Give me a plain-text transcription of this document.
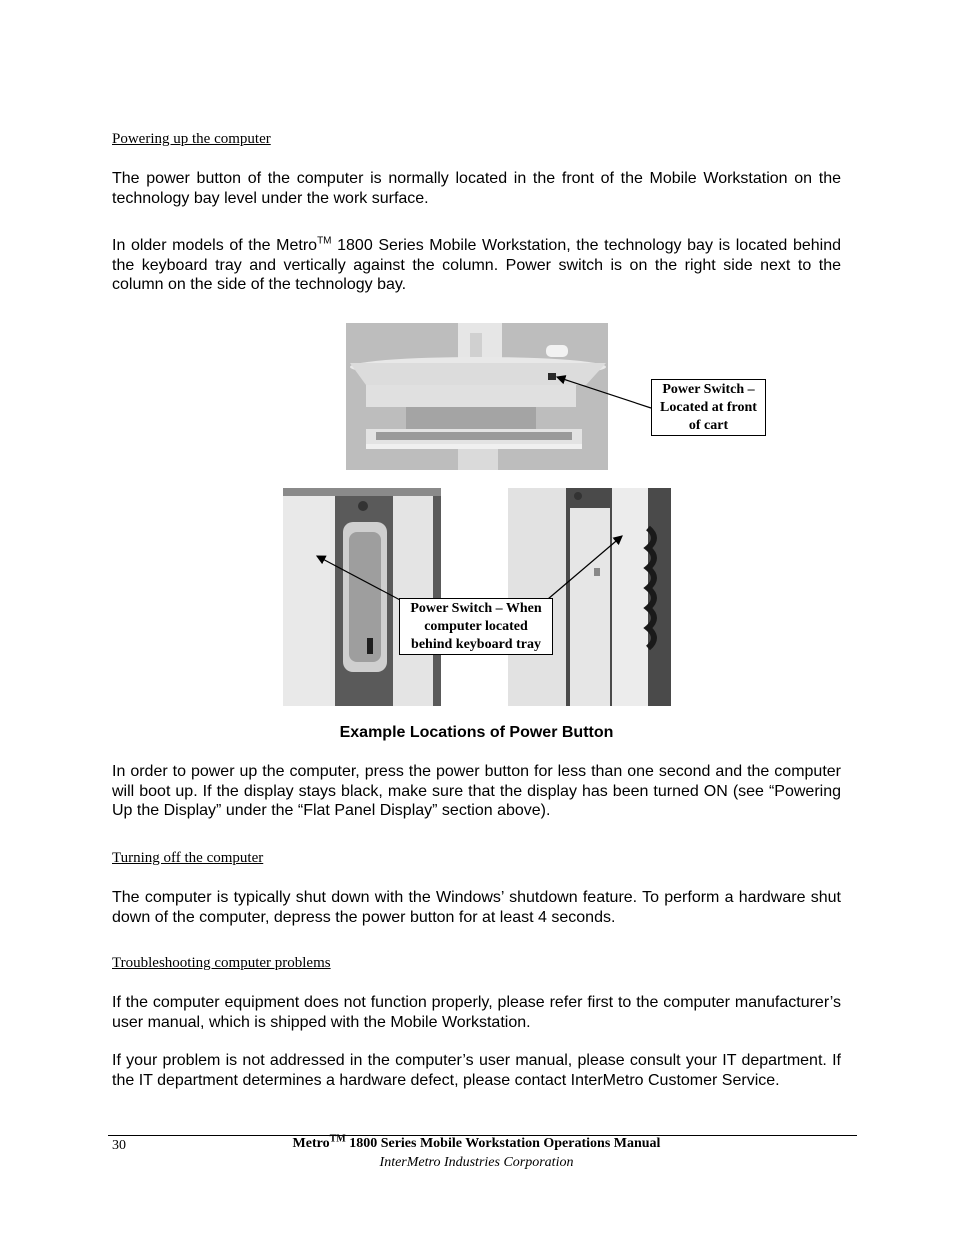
Powering up the computer

The power button of the computer is normally located in the front of the Mobile Workstation on the technology bay level under the work surface.

In older models of the Metro™ 1800 Series Mobile Workstation, the technology bay is located behind the keyboard tray and vertically against the column. Power switch is on the right side next to the column on the side of the technology bay.

Power Switch – Located at front of cart
Power Switch – When computer located behind keyboard tray

Example Locations of Power Button

In order to power up the computer, press the power button for less than one second and the computer will boot up. If the display stays black, make sure that the display has been turned ON (see “Powering Up the Display” under the “Flat Panel Display” section above).

Turning off the computer

The computer is typically shut down with the Windows’ shutdown feature. To perform a hardware shut down of the computer, depress the power button for at least 4 seconds.

Troubleshooting computer problems

If the computer equipment does not function properly, please refer first to the computer manufacturer’s user manual, which is shipped with the Mobile Workstation.

If your problem is not addressed in the computer’s user manual, please consult your IT department. If the IT department determines a hardware defect, please contact InterMetro Customer Service.

30	Metro™ 1800 Series Mobile Workstation Operations Manual
InterMetro Industries Corporation
